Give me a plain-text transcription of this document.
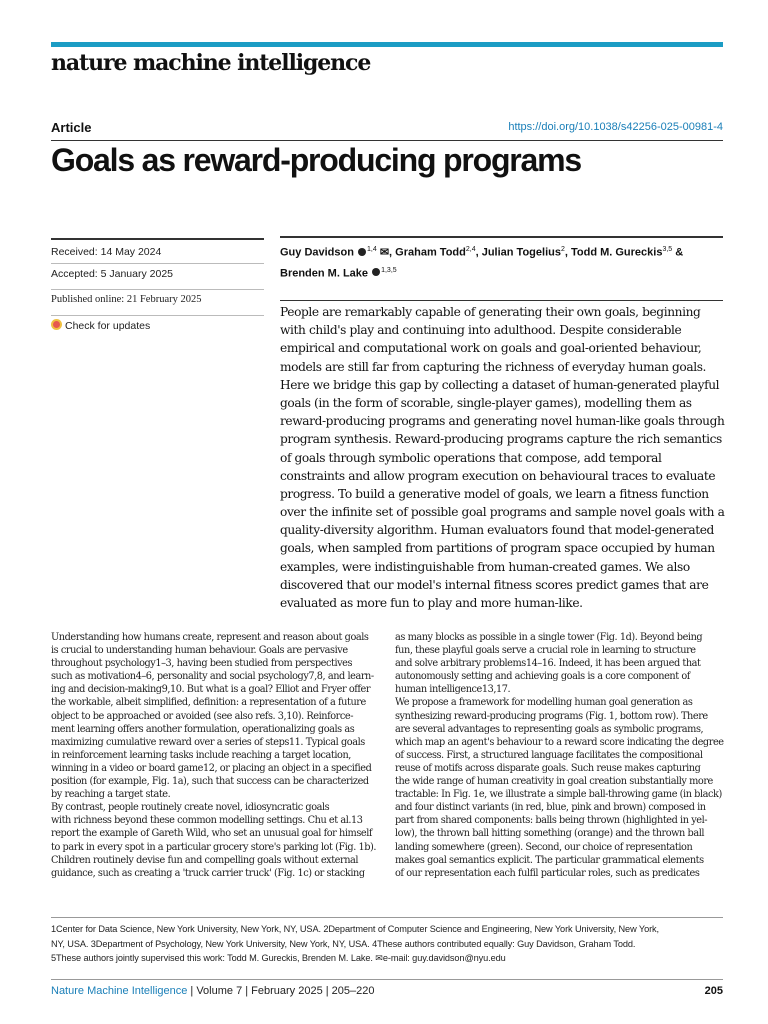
nature machine intelligence
Article	https://doi.org/10.1038/s42256-025-00981-4
Goals as reward-producing programs
Received: 14 May 2024
Accepted: 5 January 2025
Published online: 21 February 2025
Check for updates
Guy Davidson $^{1,4}$ ✉, Graham Todd$^{2,4}$, Julian Togelius$^2$, Todd M. Gureckis$^{3,5}$ &
Brenden M. Lake $^{1,3,5}$
People are remarkably capable of generating their own goals, beginning
with child's play and continuing into adulthood. Despite considerable
empirical and computational work on goals and goal-oriented behaviour,
models are still far from capturing the richness of everyday human goals.
Here we bridge this gap by collecting a dataset of human-generated playful
goals (in the form of scorable, single-player games), modelling them as
reward-producing programs and generating novel human-like goals through
program synthesis. Reward-producing programs capture the rich semantics
of goals through symbolic operations that compose, add temporal
constraints and allow program execution on behavioural traces to evaluate
progress. To build a generative model of goals, we learn a fitness function
over the infinite set of possible goal programs and sample novel goals with a
quality-diversity algorithm. Human evaluators found that model-generated
goals, when sampled from partitions of program space occupied by human
examples, were indistinguishable from human-created games. We also
discovered that our model's internal fitness scores predict games that are
evaluated as more fun to play and more human-like.
Understanding how humans create, represent and reason about goals
is crucial to understanding human behaviour. Goals are pervasive
throughout psychology1–3, having been studied from perspectives
such as motivation4–6, personality and social psychology7,8, and learn-
ing and decision-making9,10. But what is a goal? Elliot and Fryer offer
the workable, albeit simplified, definition: a representation of a future
object to be approached or avoided (see also refs. 3,10). Reinforce-
ment learning offers another formulation, operationalizing goals as
maximizing cumulative reward over a series of steps11. Typical goals
in reinforcement learning tasks include reaching a target location,
winning in a video or board game12, or placing an object in a specified
position (for example, Fig. 1a), such that success can be characterized
by reaching a target state.
By contrast, people routinely create novel, idiosyncratic goals
with richness beyond these common modelling settings. Chu et al.13
report the example of Gareth Wild, who set an unusual goal for himself
to park in every spot in a particular grocery store's parking lot (Fig. 1b).
Children routinely devise fun and compelling goals without external
guidance, such as creating a 'truck carrier truck' (Fig. 1c) or stacking
as many blocks as possible in a single tower (Fig. 1d). Beyond being
fun, these playful goals serve a crucial role in learning to structure
and solve arbitrary problems14–16. Indeed, it has been argued that
autonomously setting and achieving goals is a core component of
human intelligence13,17.
We propose a framework for modelling human goal generation as
synthesizing reward-producing programs (Fig. 1, bottom row). There
are several advantages to representing goals as symbolic programs,
which map an agent's behaviour to a reward score indicating the degree
of success. First, a structured language facilitates the compositional
reuse of motifs across disparate goals. Such reuse makes capturing
the wide range of human creativity in goal creation substantially more
tractable: In Fig. 1e, we illustrate a simple ball-throwing game (in black)
and four distinct variants (in red, blue, pink and brown) composed in
part from shared components: balls being thrown (highlighted in yel-
low), the thrown ball hitting something (orange) and the thrown ball
landing somewhere (green). Second, our choice of representation
makes goal semantics explicit. The particular grammatical elements
of our representation each fulfil particular roles, such as predicates
1Center for Data Science, New York University, New York, NY, USA. 2Department of Computer Science and Engineering, New York University, New York,
NY, USA. 3Department of Psychology, New York University, New York, NY, USA. 4These authors contributed equally: Guy Davidson, Graham Todd.
5These authors jointly supervised this work: Todd M. Gureckis, Brenden M. Lake. ✉e-mail: guy.davidson@nyu.edu
Nature Machine Intelligence | Volume 7 | February 2025 | 205–220	205
